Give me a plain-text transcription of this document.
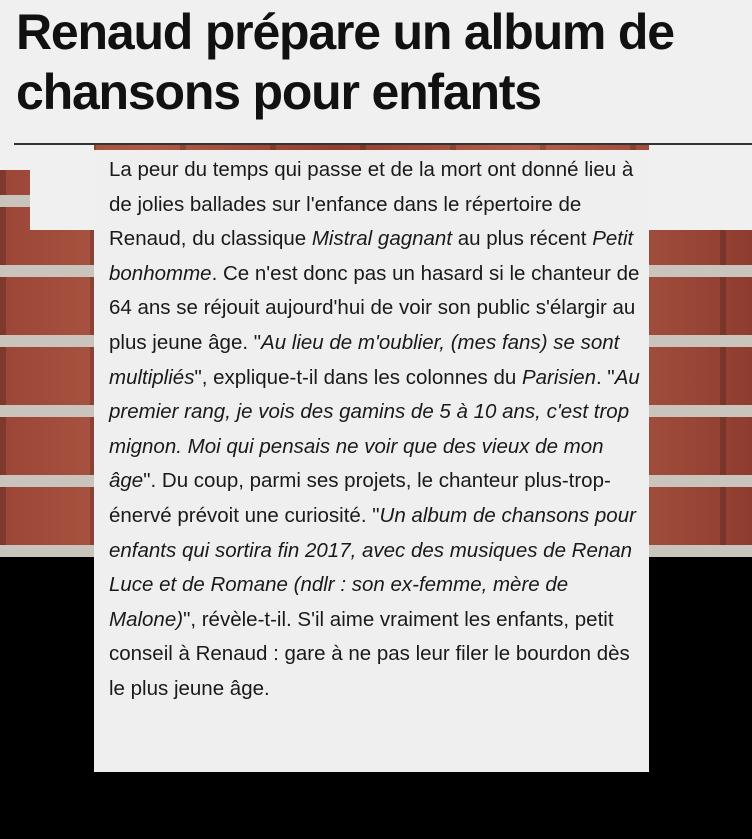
Renaud prépare un album de chansons pour enfants

La peur du temps qui passe et de la mort ont donné lieu à de jolies ballades sur l'enfance dans le répertoire de Renaud, du classique Mistral gagnant au plus récent Petit bonhomme. Ce n'est donc pas un hasard si le chanteur de 64 ans se réjouit aujourd'hui de voir son public s'élargir au plus jeune âge. "Au lieu de m'oublier, (mes fans) se sont multipliés", explique-t-il dans les colonnes du Parisien. "Au premier rang, je vois des gamins de 5 à 10 ans, c'est trop mignon. Moi qui pensais ne voir que des vieux de mon âge". Du coup, parmi ses projets, le chanteur plus-trop-énervé prévoit une curiosité. "Un album de chansons pour enfants qui sortira fin 2017, avec des musiques de Renan Luce et de Romane (ndlr : son ex-femme, mère de Malone)", révèle-t-il. S'il aime vraiment les enfants, petit conseil à Renaud : gare à ne pas leur filer le bourdon dès le plus jeune âge.
